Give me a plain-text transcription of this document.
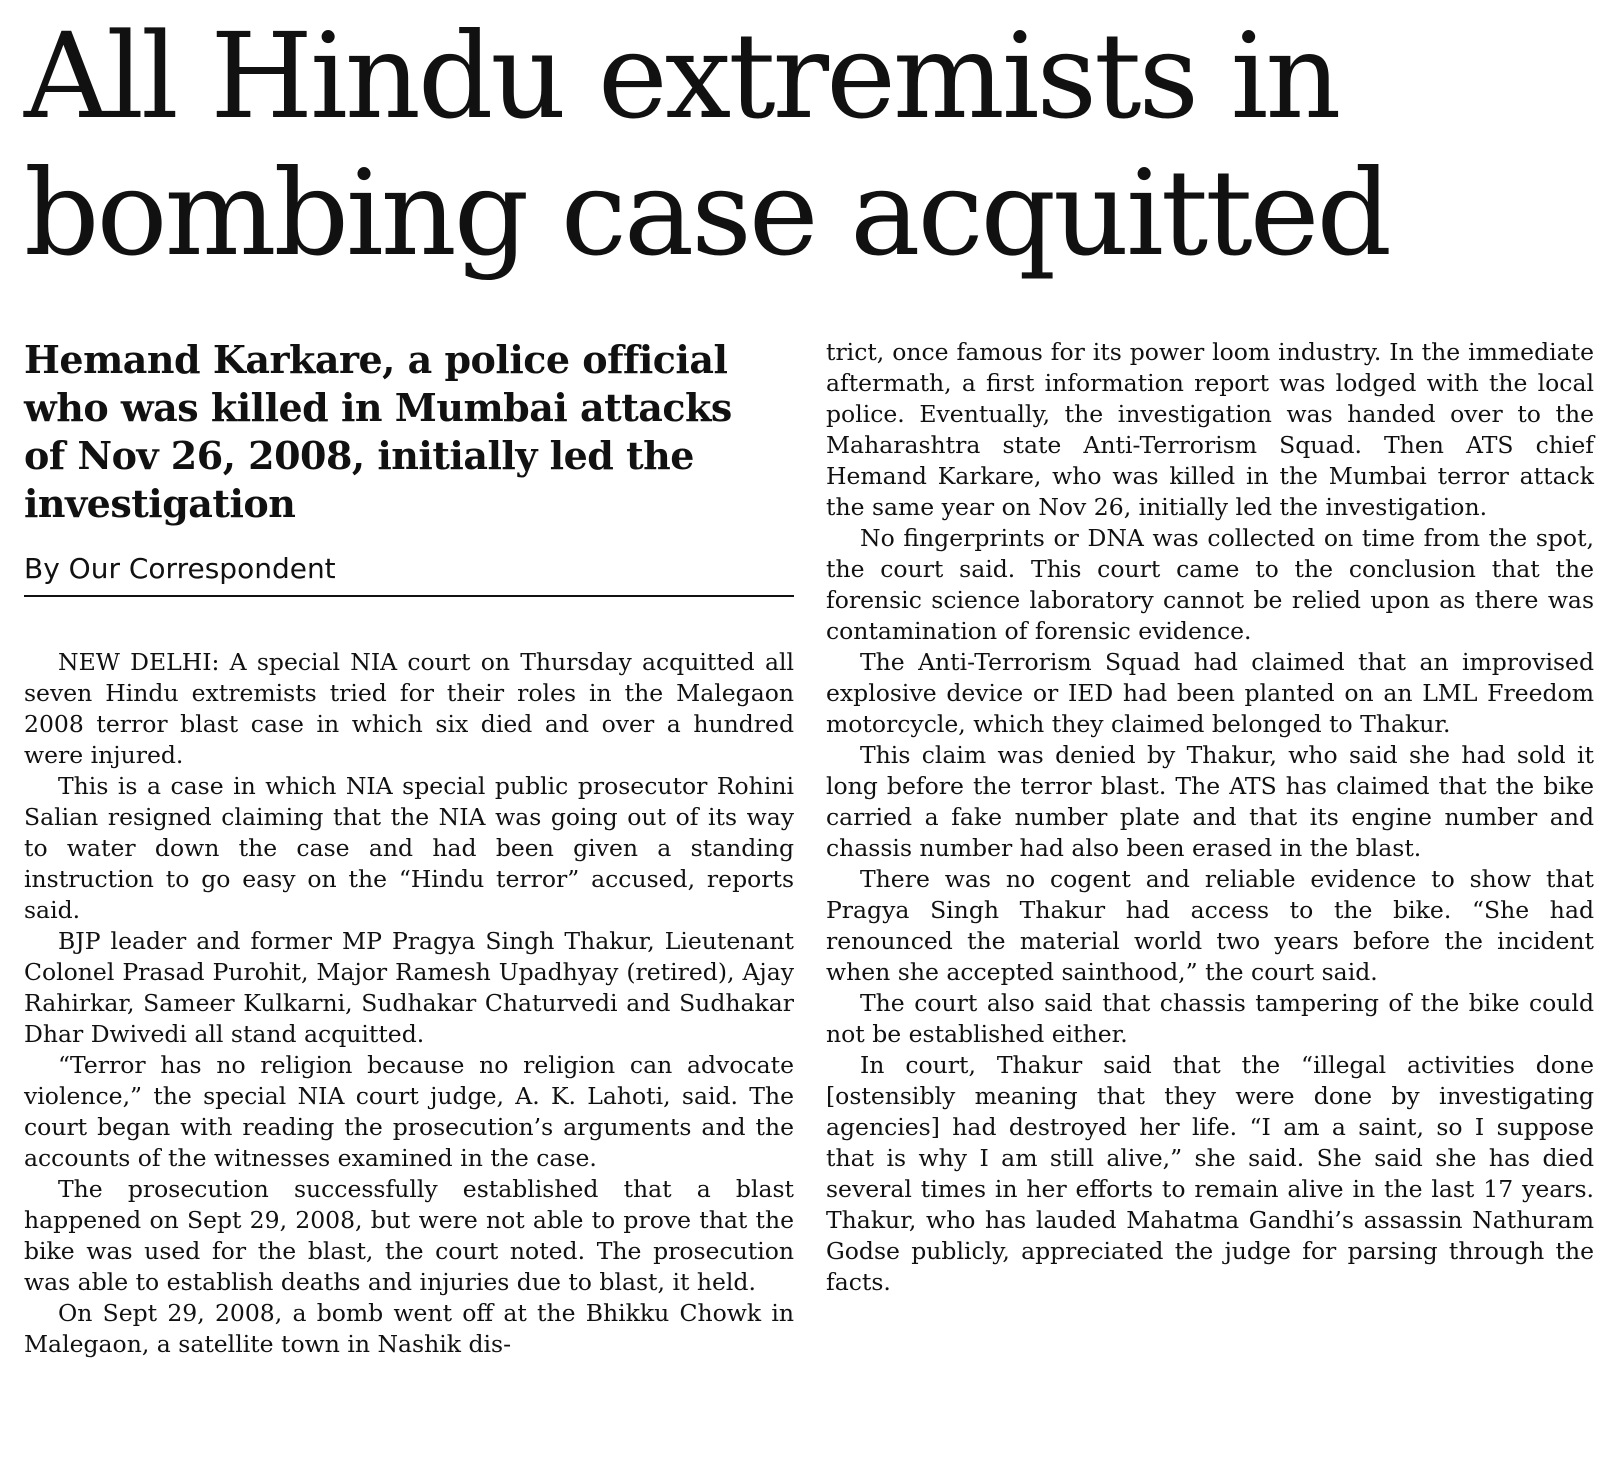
All Hindu extremists in
bombing case acquitted
Hemand Karkare, a police official
who was killed in Mumbai attacks
of Nov 26, 2008, initially led the
investigation
By Our Correspondent

NEW DELHI: A special NIA court on Thursday acquitted all seven Hindu extremists tried for their roles in the Malegaon 2008 terror blast case in which six died and over a hundred were injured.

This is a case in which NIA special public prosecutor Rohini Salian resigned claiming that the NIA was going out of its way to water down the case and had been given a standing instruction to go easy on the “Hindu terror” accused, reports said.

BJP leader and former MP Pragya Singh Thakur, Lieutenant Colonel Prasad Purohit, Major Ramesh Upadhyay (retired), Ajay Rahirkar, Sameer Kulkarni, Sudhakar Chaturvedi and Sudhakar Dhar Dwivedi all stand acquitted.

“Terror has no religion because no religion can advocate violence,” the special NIA court judge, A. K. Lahoti, said. The court began with reading the prosecution’s arguments and the accounts of the witnesses examined in the case.

The prosecution successfully established that a blast happened on Sept 29, 2008, but were not able to prove that the bike was used for the blast, the court noted. The prosecution was able to establish deaths and injuries due to blast, it held.

On Sept 29, 2008, a bomb went off at the Bhikku Chowk in Malegaon, a satellite town in Nashik dis-

trict, once famous for its power loom industry. In the immediate aftermath, a first information report was lodged with the local police. Eventually, the investigation was handed over to the Maharashtra state Anti-Terrorism Squad. Then ATS chief Hemand Karkare, who was killed in the Mumbai terror attack the same year on Nov 26, initially led the investigation.

No fingerprints or DNA was collected on time from the spot, the court said. This court came to the conclusion that the forensic science laboratory cannot be relied upon as there was contamination of forensic evidence.

The Anti-Terrorism Squad had claimed that an improvised explosive device or IED had been planted on an LML Freedom motorcycle, which they claimed belonged to Thakur.

This claim was denied by Thakur, who said she had sold it long before the terror blast. The ATS has claimed that the bike carried a fake number plate and that its engine number and chassis number had also been erased in the blast.

There was no cogent and reliable evidence to show that Pragya Singh Thakur had access to the bike. “She had renounced the material world two years before the incident when she accepted sainthood,” the court said.

The court also said that chassis tampering of the bike could not be established either.

In court, Thakur said that the “illegal activities done [ostensibly meaning that they were done by investigating agencies] had destroyed her life. “I am a saint, so I suppose that is why I am still alive,” she said. She said she has died several times in her efforts to remain alive in the last 17 years. Thakur, who has lauded Mahatma Gandhi’s assassin Nathuram Godse publicly, appreciated the judge for parsing through the facts.
